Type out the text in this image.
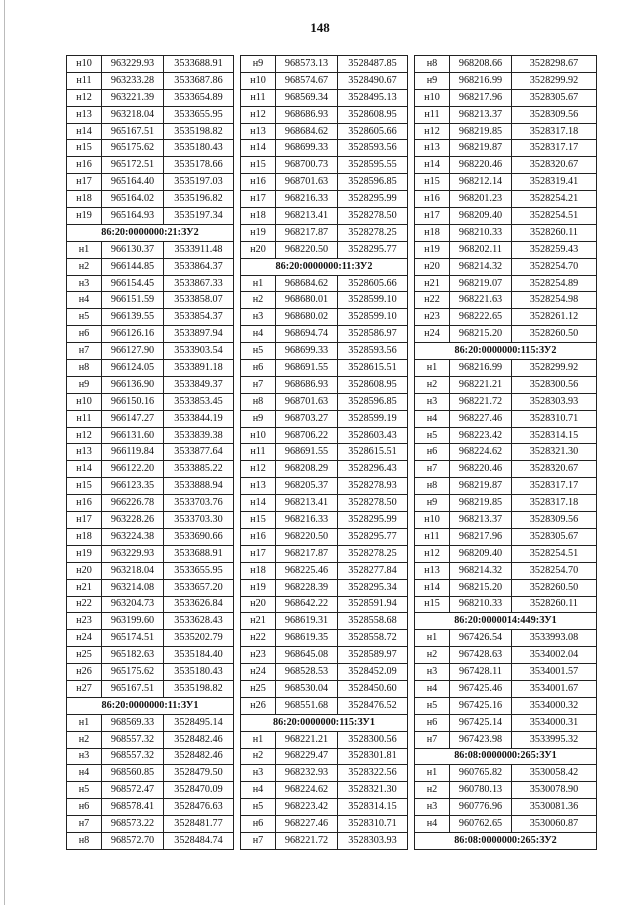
148
н10	963229.93	3533688.91		н9	968573.13	3528487.85		н8	968208.66	3528298.67
н11	963233.28	3533687.86		н10	968574.67	3528490.67		н9	968216.99	3528299.92
н12	963221.39	3533654.89		н11	968569.34	3528495.13		н10	968217.96	3528305.67
н13	963218.04	3533655.95		н12	968686.93	3528608.95		н11	968213.37	3528309.56
н14	965167.51	3535198.82		н13	968684.62	3528605.66		н12	968219.85	3528317.18
н15	965175.62	3535180.43		н14	968699.33	3528593.56		н13	968219.87	3528317.17
н16	965172.51	3535178.66		н15	968700.73	3528595.55		н14	968220.46	3528320.67
н17	965164.40	3535197.03		н16	968701.63	3528596.85		н15	968212.14	3528319.41
н18	965164.02	3535196.82		н17	968216.33	3528295.99		н16	968201.23	3528254.21
н19	965164.93	3535197.34		н18	968213.41	3528278.50		н17	968209.40	3528254.51
86:20:0000000:21:ЗУ2				н19	968217.87	3528278.25		н18	968210.33	3528260.11
н1	966130.37	3533911.48		н20	968220.50	3528295.77		н19	968202.11	3528259.43
н2	966144.85	3533864.37		86:20:0000000:11:ЗУ2				н20	968214.32	3528254.70
н3	966154.45	3533867.33		н1	968684.62	3528605.66		н21	968219.07	3528254.89
н4	966151.59	3533858.07		н2	968680.01	3528599.10		н22	968221.63	3528254.98
н5	966139.55	3533854.37		н3	968680.02	3528599.10		н23	968222.65	3528261.12
н6	966126.16	3533897.94		н4	968694.74	3528586.97		н24	968215.20	3528260.50
н7	966127.90	3533903.54		н5	968699.33	3528593.56		86:20:0000000:115:ЗУ2		
н8	966124.05	3533891.18		н6	968691.55	3528615.51		н1	968216.99	3528299.92
н9	966136.90	3533849.37		н7	968686.93	3528608.95		н2	968221.21	3528300.56
н10	966150.16	3533853.45		н8	968701.63	3528596.85		н3	968221.72	3528303.93
н11	966147.27	3533844.19		н9	968703.27	3528599.19		н4	968227.46	3528310.71
н12	966131.60	3533839.38		н10	968706.22	3528603.43		н5	968223.42	3528314.15
н13	966119.84	3533877.64		н11	968691.55	3528615.51		н6	968224.62	3528321.30
н14	966122.20	3533885.22		н12	968208.29	3528296.43		н7	968220.46	3528320.67
н15	966123.35	3533888.94		н13	968205.37	3528278.93		н8	968219.87	3528317.17
н16	966226.78	3533703.76		н14	968213.41	3528278.50		н9	968219.85	3528317.18
н17	963228.26	3533703.30		н15	968216.33	3528295.99		н10	968213.37	3528309.56
н18	963224.38	3533690.66		н16	968220.50	3528295.77		н11	968217.96	3528305.67
н19	963229.93	3533688.91		н17	968217.87	3528278.25		н12	968209.40	3528254.51
н20	963218.04	3533655.95		н18	968225.46	3528277.84		н13	968214.32	3528254.70
н21	963214.08	3533657.20		н19	968228.39	3528295.34		н14	968215.20	3528260.50
н22	963204.73	3533626.84		н20	968642.22	3528591.94		н15	968210.33	3528260.11
н23	963199.60	3533628.43		н21	968619.31	3528558.68		86:20:0000014:449:ЗУ1		
н24	965174.51	3535202.79		н22	968619.35	3528558.72		н1	967426.54	3533993.08
н25	965182.63	3535184.40		н23	968645.08	3528589.97		н2	967428.63	3534002.04
н26	965175.62	3535180.43		н24	968528.53	3528452.09		н3	967428.11	3534001.57
н27	965167.51	3535198.82		н25	968530.04	3528450.60		н4	967425.46	3534001.67
86:20:0000000:11:ЗУ1				н26	968551.68	3528476.52		н5	967425.16	3534000.32
н1	968569.33	3528495.14		86:20:0000000:115:ЗУ1				н6	967425.14	3534000.31
н2	968557.32	3528482.46		н1	968221.21	3528300.56		н7	967423.98	3533995.32
н3	968557.32	3528482.46		н2	968229.47	3528301.81		86:08:0000000:265:ЗУ1		
н4	968560.85	3528479.50		н3	968232.93	3528322.56		н1	960765.82	3530058.42
н5	968572.47	3528470.09		н4	968224.62	3528321.30		н2	960780.13	3530078.90
н6	968578.41	3528476.63		н5	968223.42	3528314.15		н3	960776.96	3530081.36
н7	968573.22	3528481.77		н6	968227.46	3528310.71		н4	960762.65	3530060.87
н8	968572.70	3528484.74		н7	968221.72	3528303.93		86:08:0000000:265:ЗУ2		
